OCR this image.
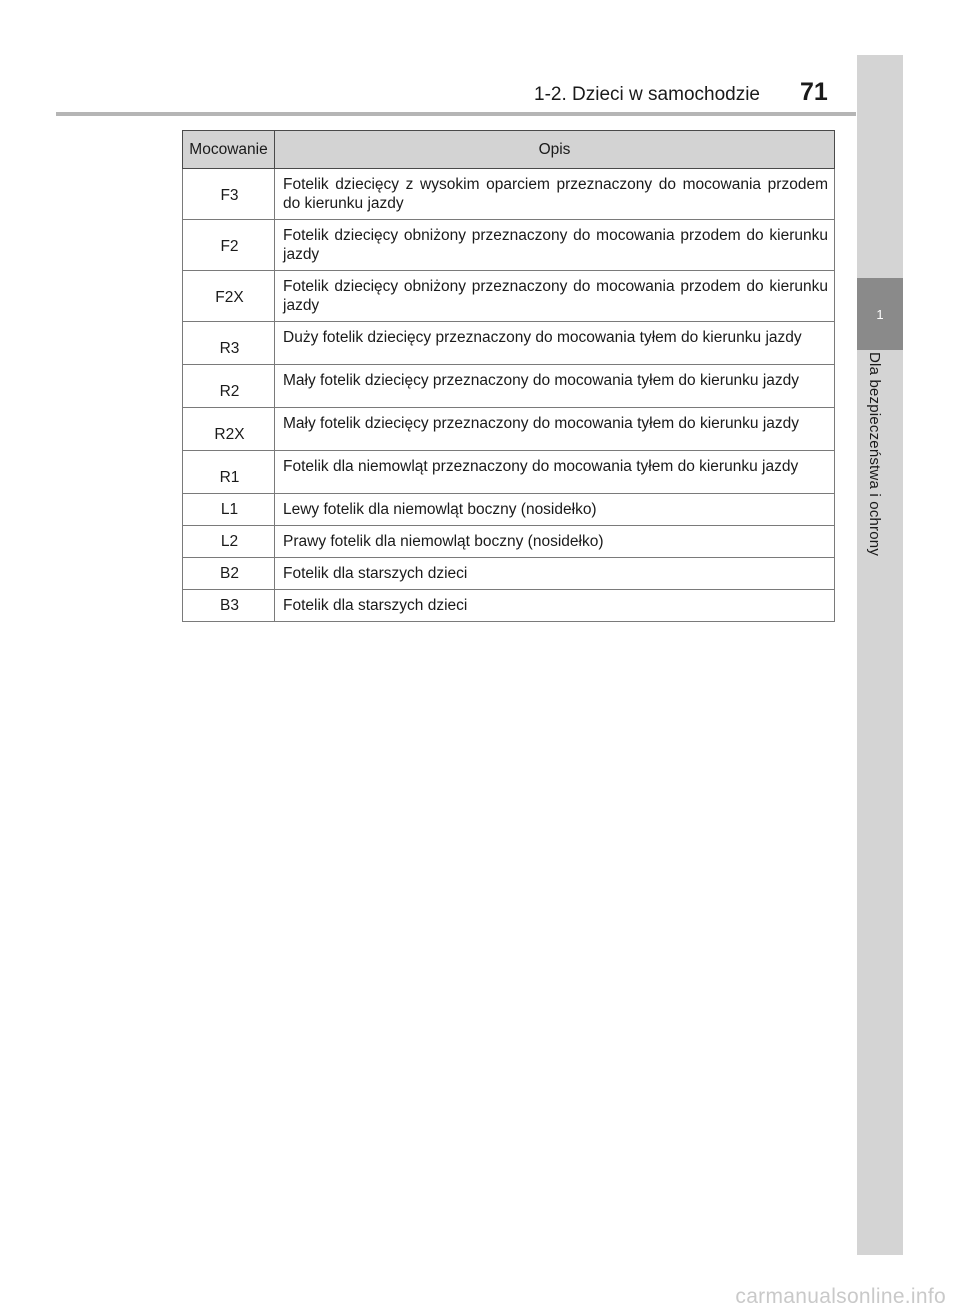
1
Dla bezpieczeństwa i ochrony
1-2. Dzieci w samochodzie 71
Mocowanie	Opis
F3	Fotelik dziecięcy z wysokim oparciem przeznaczony do mocowania przodem do kierunku jazdy
F2	Fotelik dziecięcy obniżony przeznaczony do mocowania przodem do kierunku jazdy
F2X	Fotelik dziecięcy obniżony przeznaczony do mocowania przodem do kierunku jazdy
R3	Duży fotelik dziecięcy przeznaczony do mocowania tyłem do kierunku jazdy
R2	Mały fotelik dziecięcy przeznaczony do mocowania tyłem do kierunku jazdy
R2X	Mały fotelik dziecięcy przeznaczony do mocowania tyłem do kierunku jazdy
R1	Fotelik dla niemowląt przeznaczony do mocowania tyłem do kierunku jazdy
L1	Lewy fotelik dla niemowląt boczny (nosidełko)
L2	Prawy fotelik dla niemowląt boczny (nosidełko)
B2	Fotelik dla starszych dzieci
B3	Fotelik dla starszych dzieci
carmanualsonline.info
